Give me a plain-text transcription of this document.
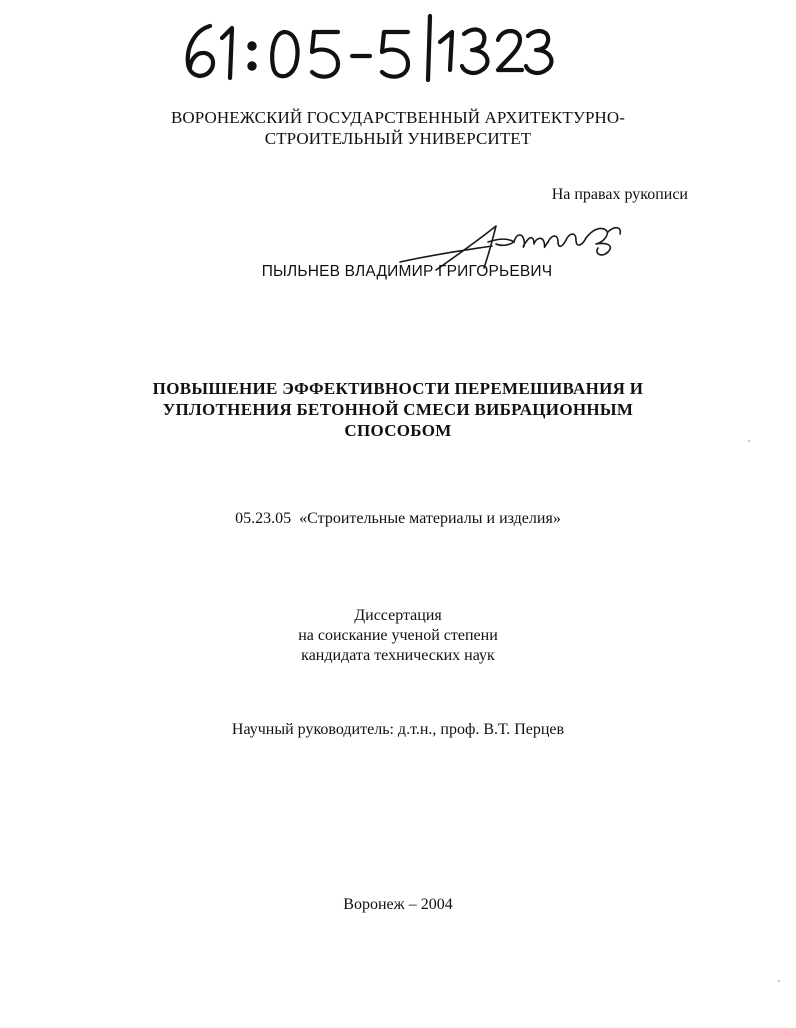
ВОРОНЕЖСКИЙ ГОСУДАРСТВЕННЫЙ АРХИТЕКТУРНО-
СТРОИТЕЛЬНЫЙ УНИВЕРСИТЕТ
На правах рукописи
ПЫЛЬНЕВ ВЛАДИМИР ГРИГОРЬЕВИЧ
ПОВЫШЕНИЕ ЭФФЕКТИВНОСТИ ПЕРЕМЕШИВАНИЯ И
УПЛОТНЕНИЯ БЕТОННОЙ СМЕСИ ВИБРАЦИОННЫМ
СПОСОБОМ
05.23.05 «Строительные материалы и изделия»
Диссертация
на соискание ученой степени
кандидата технических наук
Научный руководитель: д.т.н., проф. В.Т. Перцев
Воронеж – 2004
